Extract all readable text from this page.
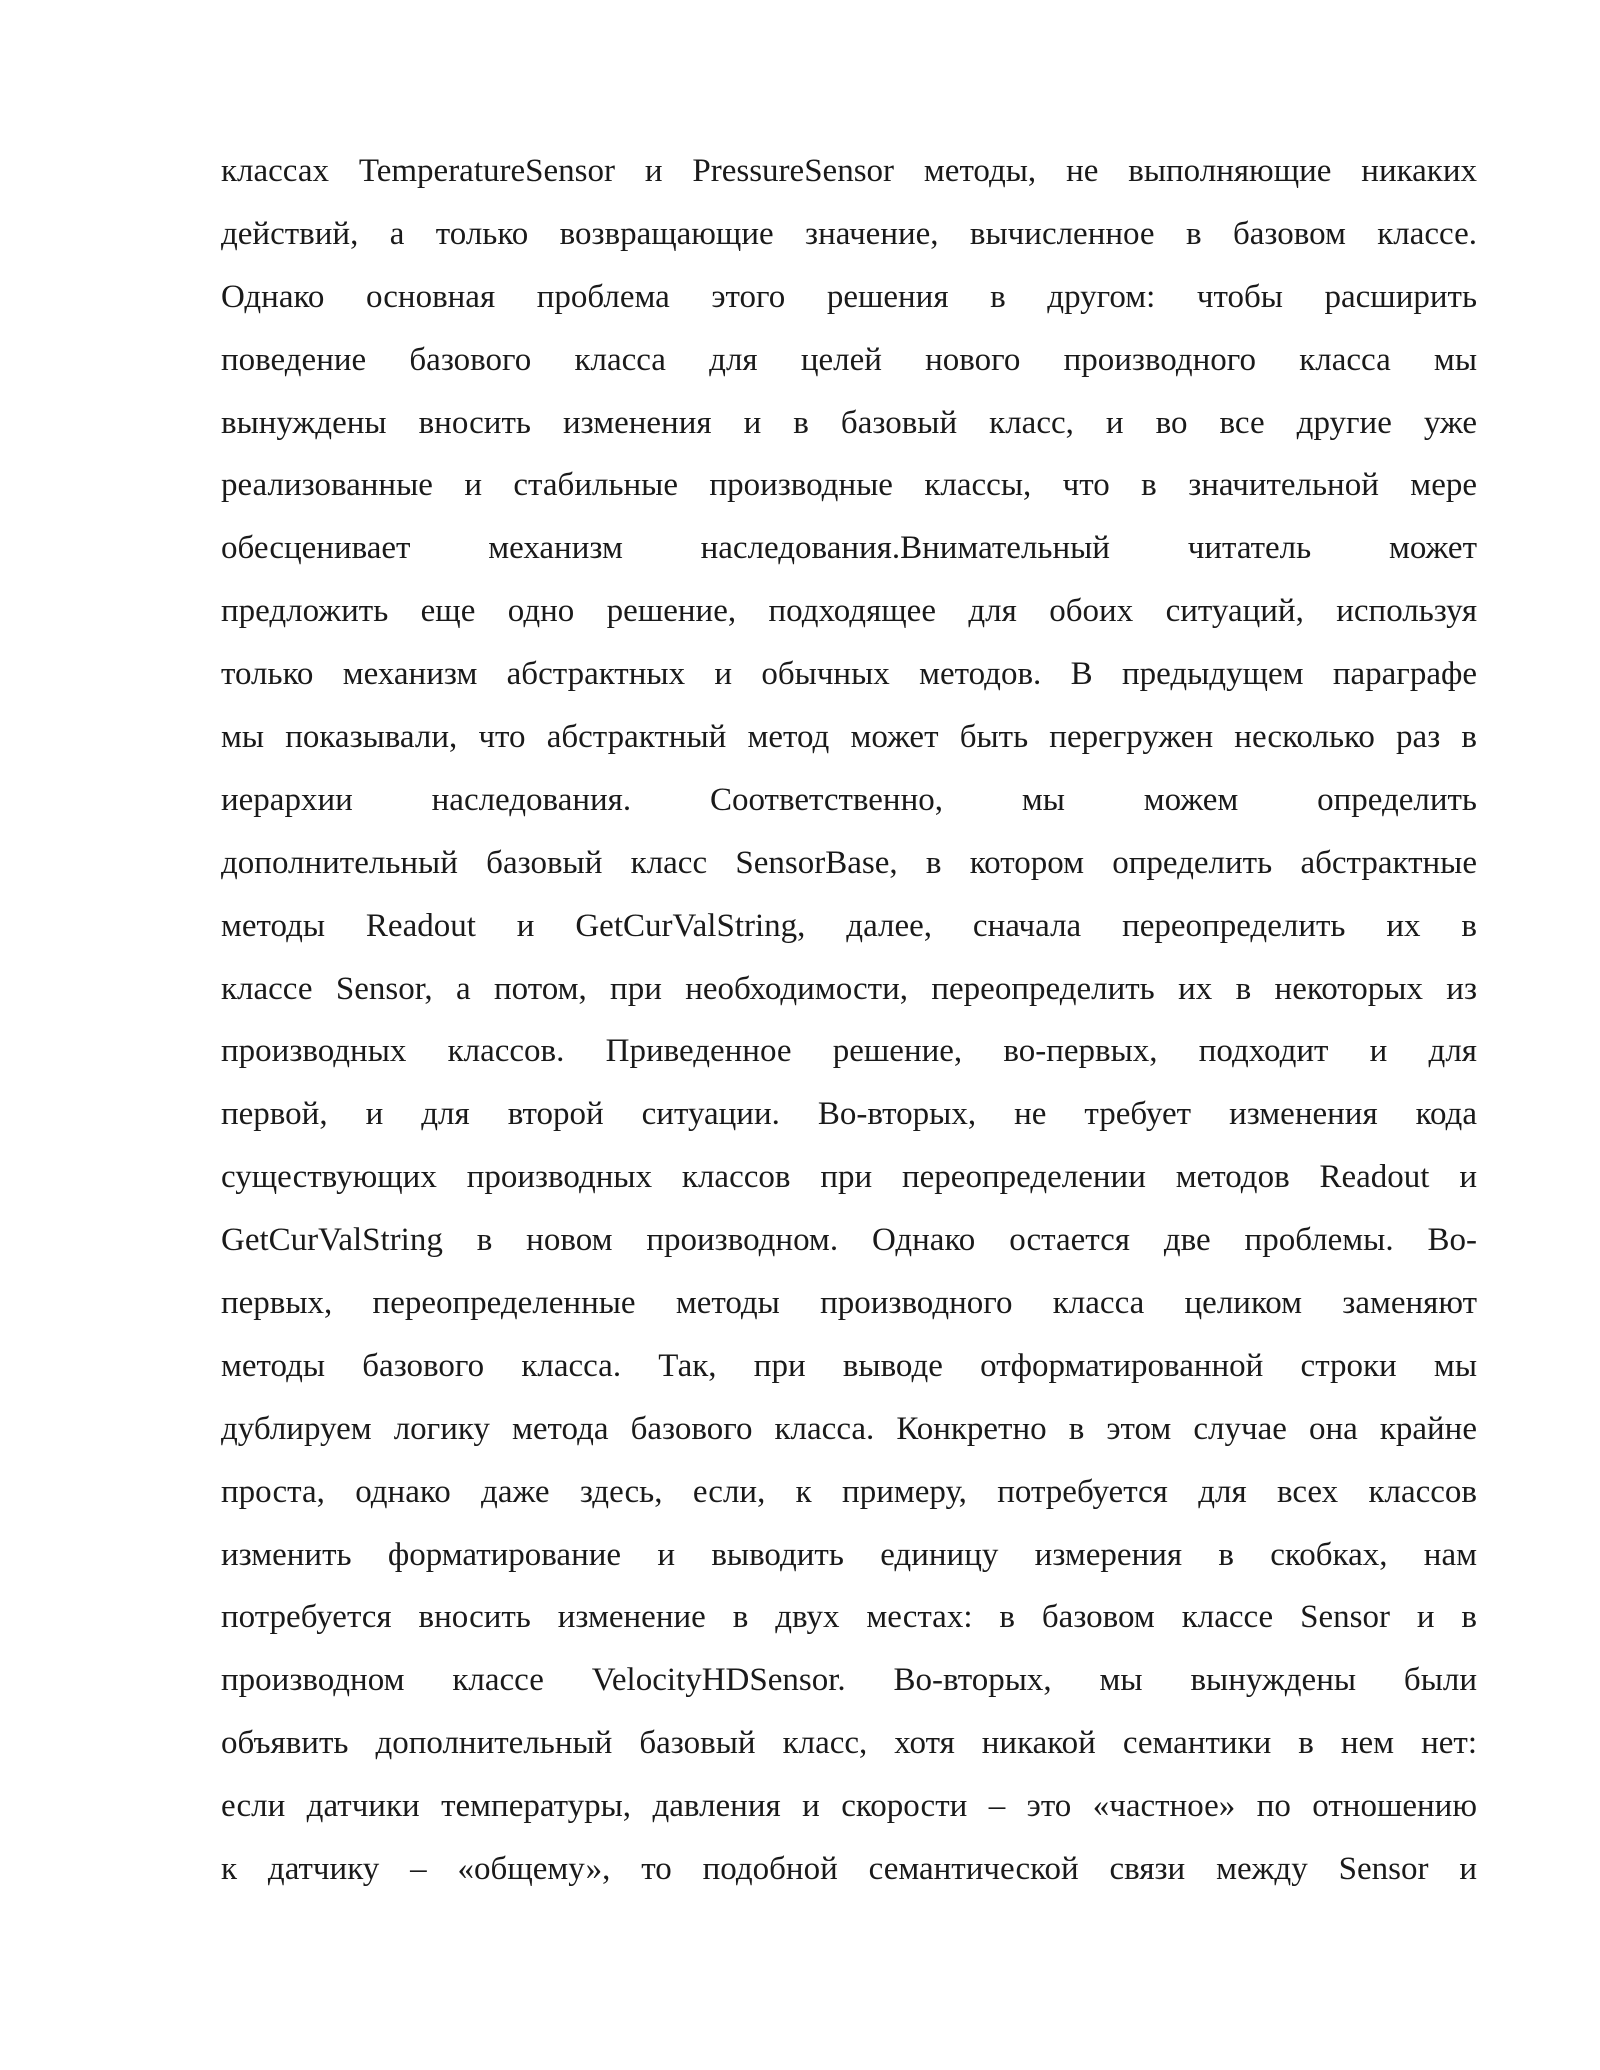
классах TemperatureSensor и PressureSensor методы, не выполняющие никаких
действий, а только возвращающие значение, вычисленное в базовом классе.
Однако основная проблема этого решения в другом: чтобы расширить
поведение базового класса для целей нового производного класса мы
вынуждены вносить изменения и в базовый класс, и во все другие уже
реализованные и стабильные производные классы, что в значительной мере
обесценивает механизм наследования.Внимательный читатель может
предложить еще одно решение, подходящее для обоих ситуаций, используя
только механизм абстрактных и обычных методов. В предыдущем параграфе
мы показывали, что абстрактный метод может быть перегружен несколько раз в
иерархии наследования. Соответственно, мы можем определить
дополнительный базовый класс SensorBase, в котором определить абстрактные
методы Readout и GetCurValString, далее, сначала переопределить их в
классе Sensor, а потом, при необходимости, переопределить их в некоторых из
производных классов. Приведенное решение, во-первых, подходит и для
первой, и для второй ситуации. Во-вторых, не требует изменения кода
существующих производных классов при переопределении методов Readout и
GetCurValString в новом производном. Однако остается две проблемы. Во-
первых, переопределенные методы производного класса целиком заменяют
методы базового класса. Так, при выводе отформатированной строки мы
дублируем логику метода базового класса. Конкретно в этом случае она крайне
проста, однако даже здесь, если, к примеру, потребуется для всех классов
изменить форматирование и выводить единицу измерения в скобках, нам
потребуется вносить изменение в двух местах: в базовом классе Sensor и в
производном классе VelocityHDSensor. Во-вторых, мы вынуждены были
объявить дополнительный базовый класс, хотя никакой семантики в нем нет:
если датчики температуры, давления и скорости – это «частное» по отношению
к датчику – «общему», то подобной семантической связи между Sensor и
